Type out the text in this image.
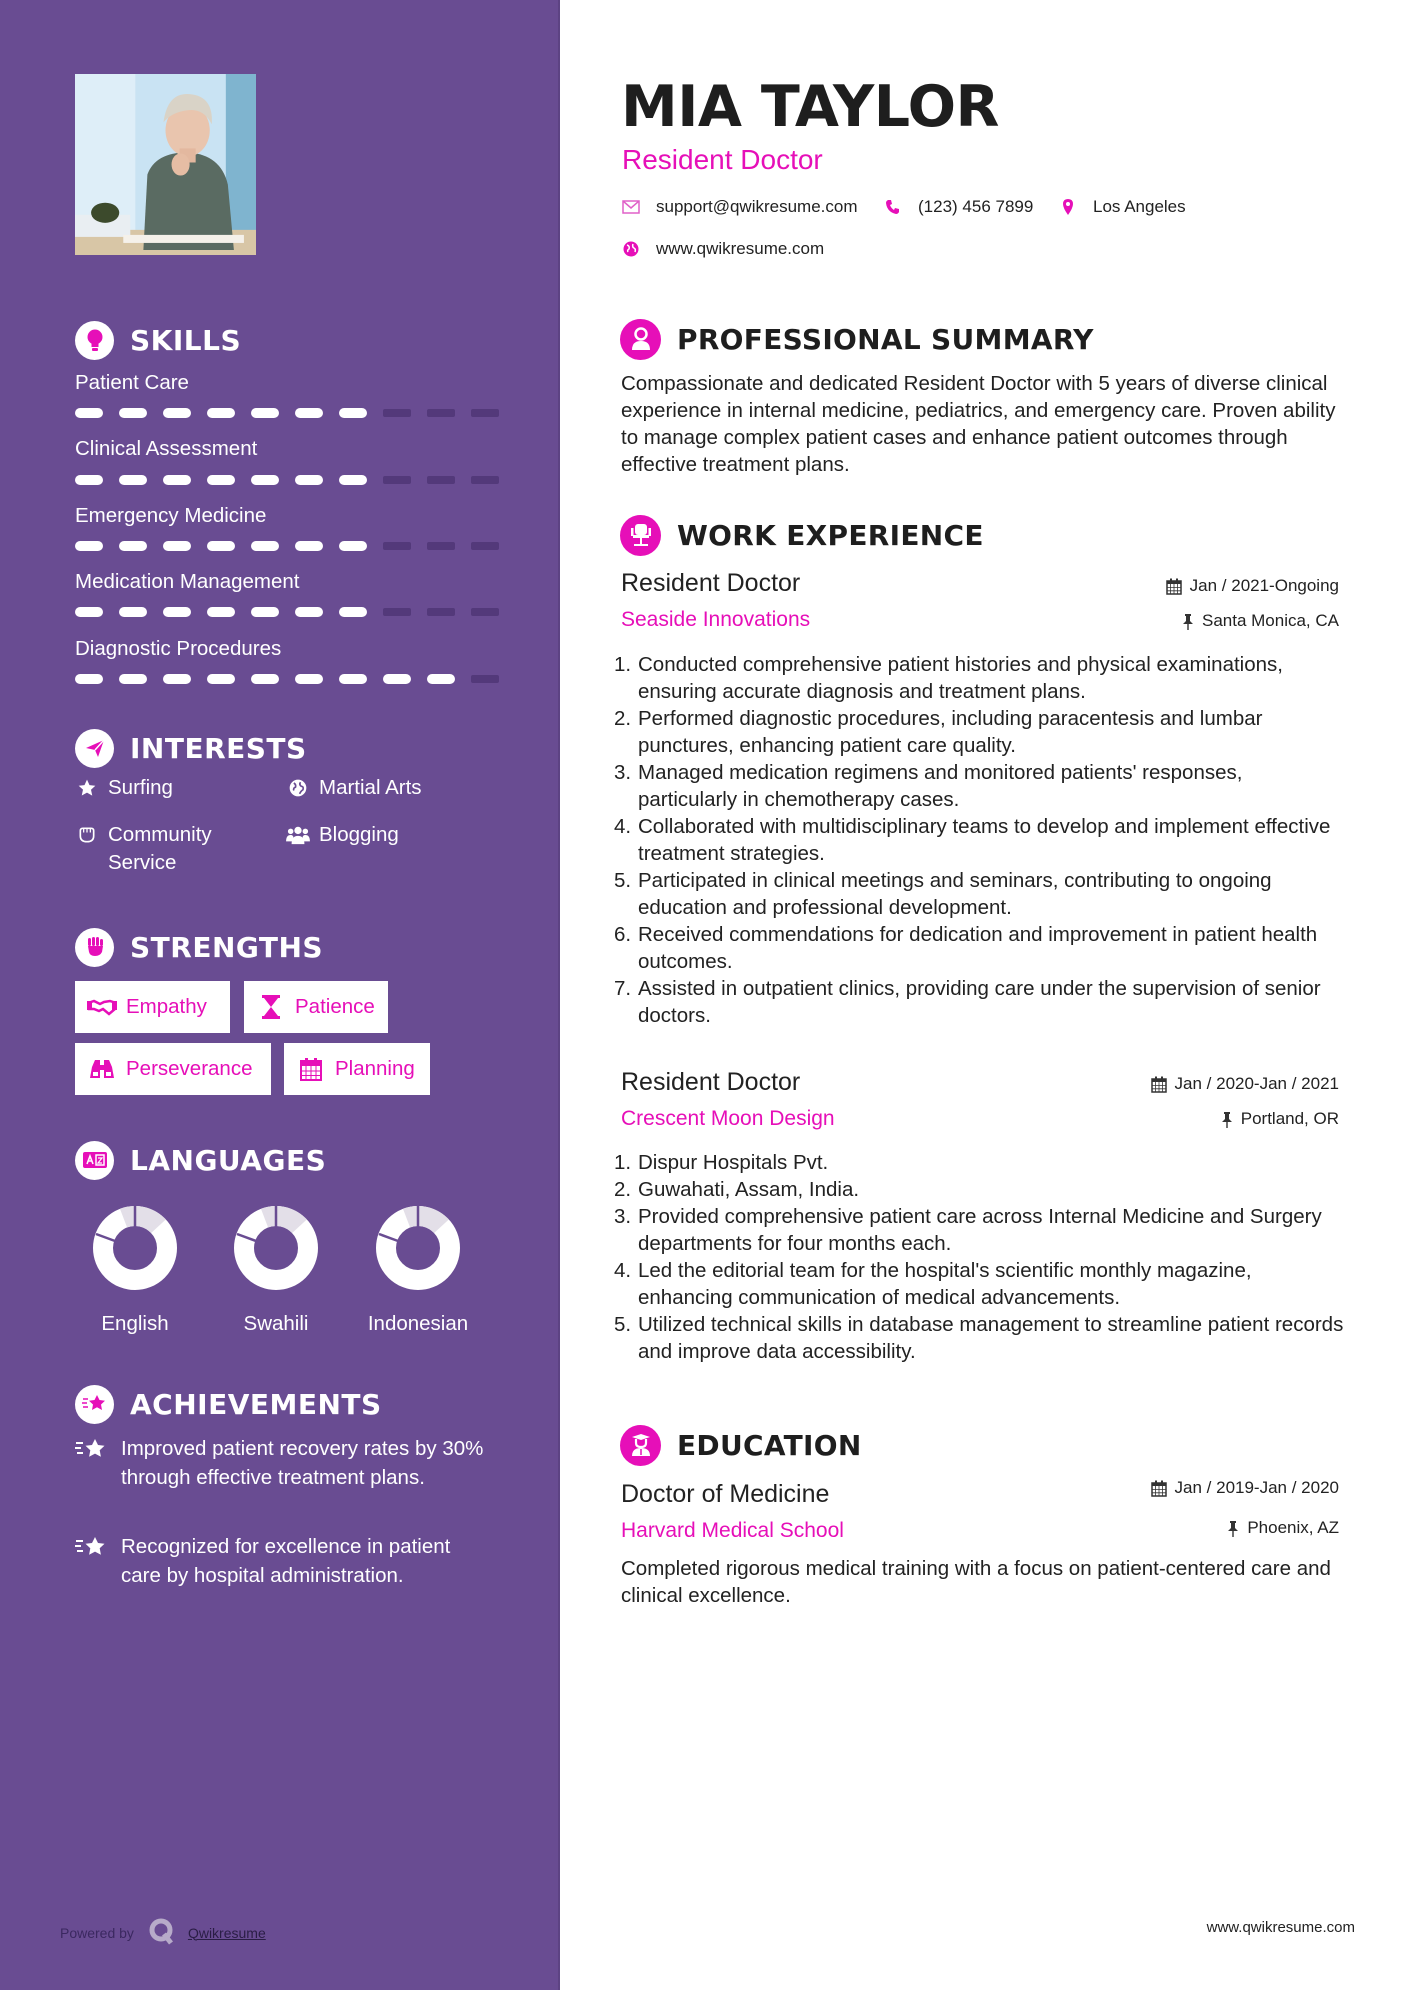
SKILLS
Patient Care
Clinical Assessment
Emergency Medicine
Medication Management
Diagnostic Procedures
INTERESTS
Surfing	Martial Arts
Community Service
Blogging
STRENGTHS
Empathy	Patience
Perseverance	Planning
LANGUAGES
English	Swahili	Indonesian
ACHIEVEMENTS
Improved patient recovery rates by 30% through effective treatment plans.
Recognized for excellence in patient care by hospital administration.
Powered by	Qwikresume
MIA TAYLOR
Resident Doctor
support@qwikresume.com	(123) 456 7899	Los Angeles
www.qwikresume.com
PROFESSIONAL SUMMARY
Compassionate and dedicated Resident Doctor with 5 years of diverse clinical experience in internal medicine, pediatrics, and emergency care. Proven ability to manage complex patient cases and enhance patient outcomes through effective treatment plans.
WORK EXPERIENCE
Resident Doctor
Seaside Innovations
Jan / 2021-Ongoing
Santa Monica, CA
1. Conducted comprehensive patient histories and physical examinations, ensuring accurate diagnosis and treatment plans.
2. Performed diagnostic procedures, including paracentesis and lumbar punctures, enhancing patient care quality.
3. Managed medication regimens and monitored patients' responses, particularly in chemotherapy cases.
4. Collaborated with multidisciplinary teams to develop and implement effective treatment strategies.
5. Participated in clinical meetings and seminars, contributing to ongoing education and professional development.
6. Received commendations for dedication and improvement in patient health outcomes.
7. Assisted in outpatient clinics, providing care under the supervision of senior doctors.
Resident Doctor
Crescent Moon Design
Jan / 2020-Jan / 2021
Portland, OR
1. Dispur Hospitals Pvt.
2. Guwahati, Assam, India.
3. Provided comprehensive patient care across Internal Medicine and Surgery departments for four months each.
4. Led the editorial team for the hospital's scientific monthly magazine, enhancing communication of medical advancements.
5. Utilized technical skills in database management to streamline patient records and improve data accessibility.
EDUCATION
Doctor of Medicine
Harvard Medical School
Jan / 2019-Jan / 2020
Phoenix, AZ
Completed rigorous medical training with a focus on patient-centered care and clinical excellence.
www.qwikresume.com
